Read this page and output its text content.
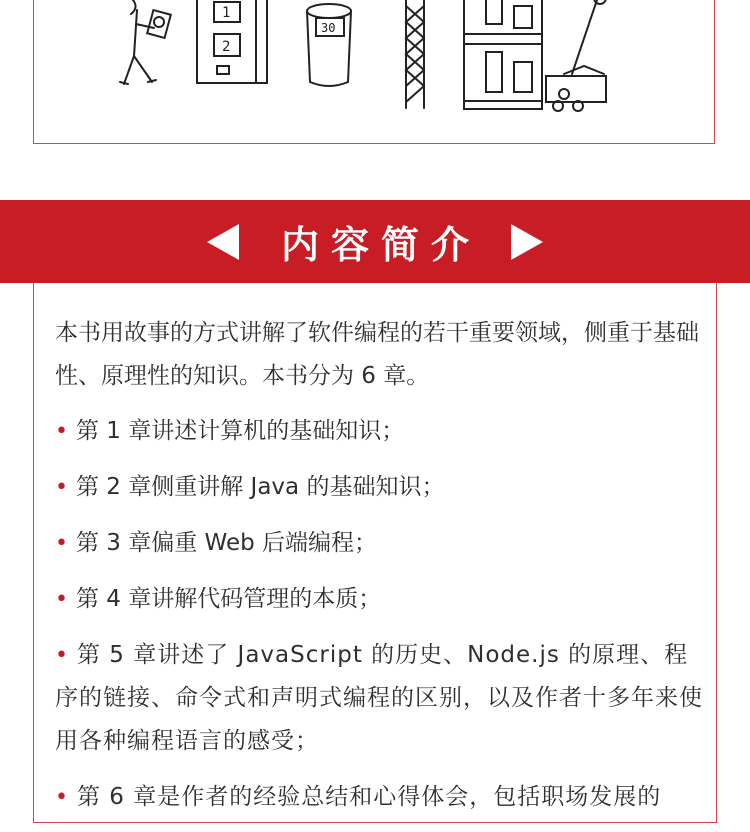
1
2
30
内容简介

本书用故事的方式讲解了软件编程的若干重要领域，侧重于基础性、原理性的知识。本书分为 6 章。

• 第 1 章讲述计算机的基础知识；
• 第 2 章侧重讲解 Java 的基础知识；
• 第 3 章偏重 Web 后端编程；
• 第 4 章讲解代码管理的本质；
• 第 5 章讲述了 JavaScript 的历史、Node.js 的原理、程序的链接、命令式和声明式编程的区别，以及作者十多年来使用各种编程语言的感受；
• 第 6 章是作者的经验总结和心得体会，包括职场发展的
